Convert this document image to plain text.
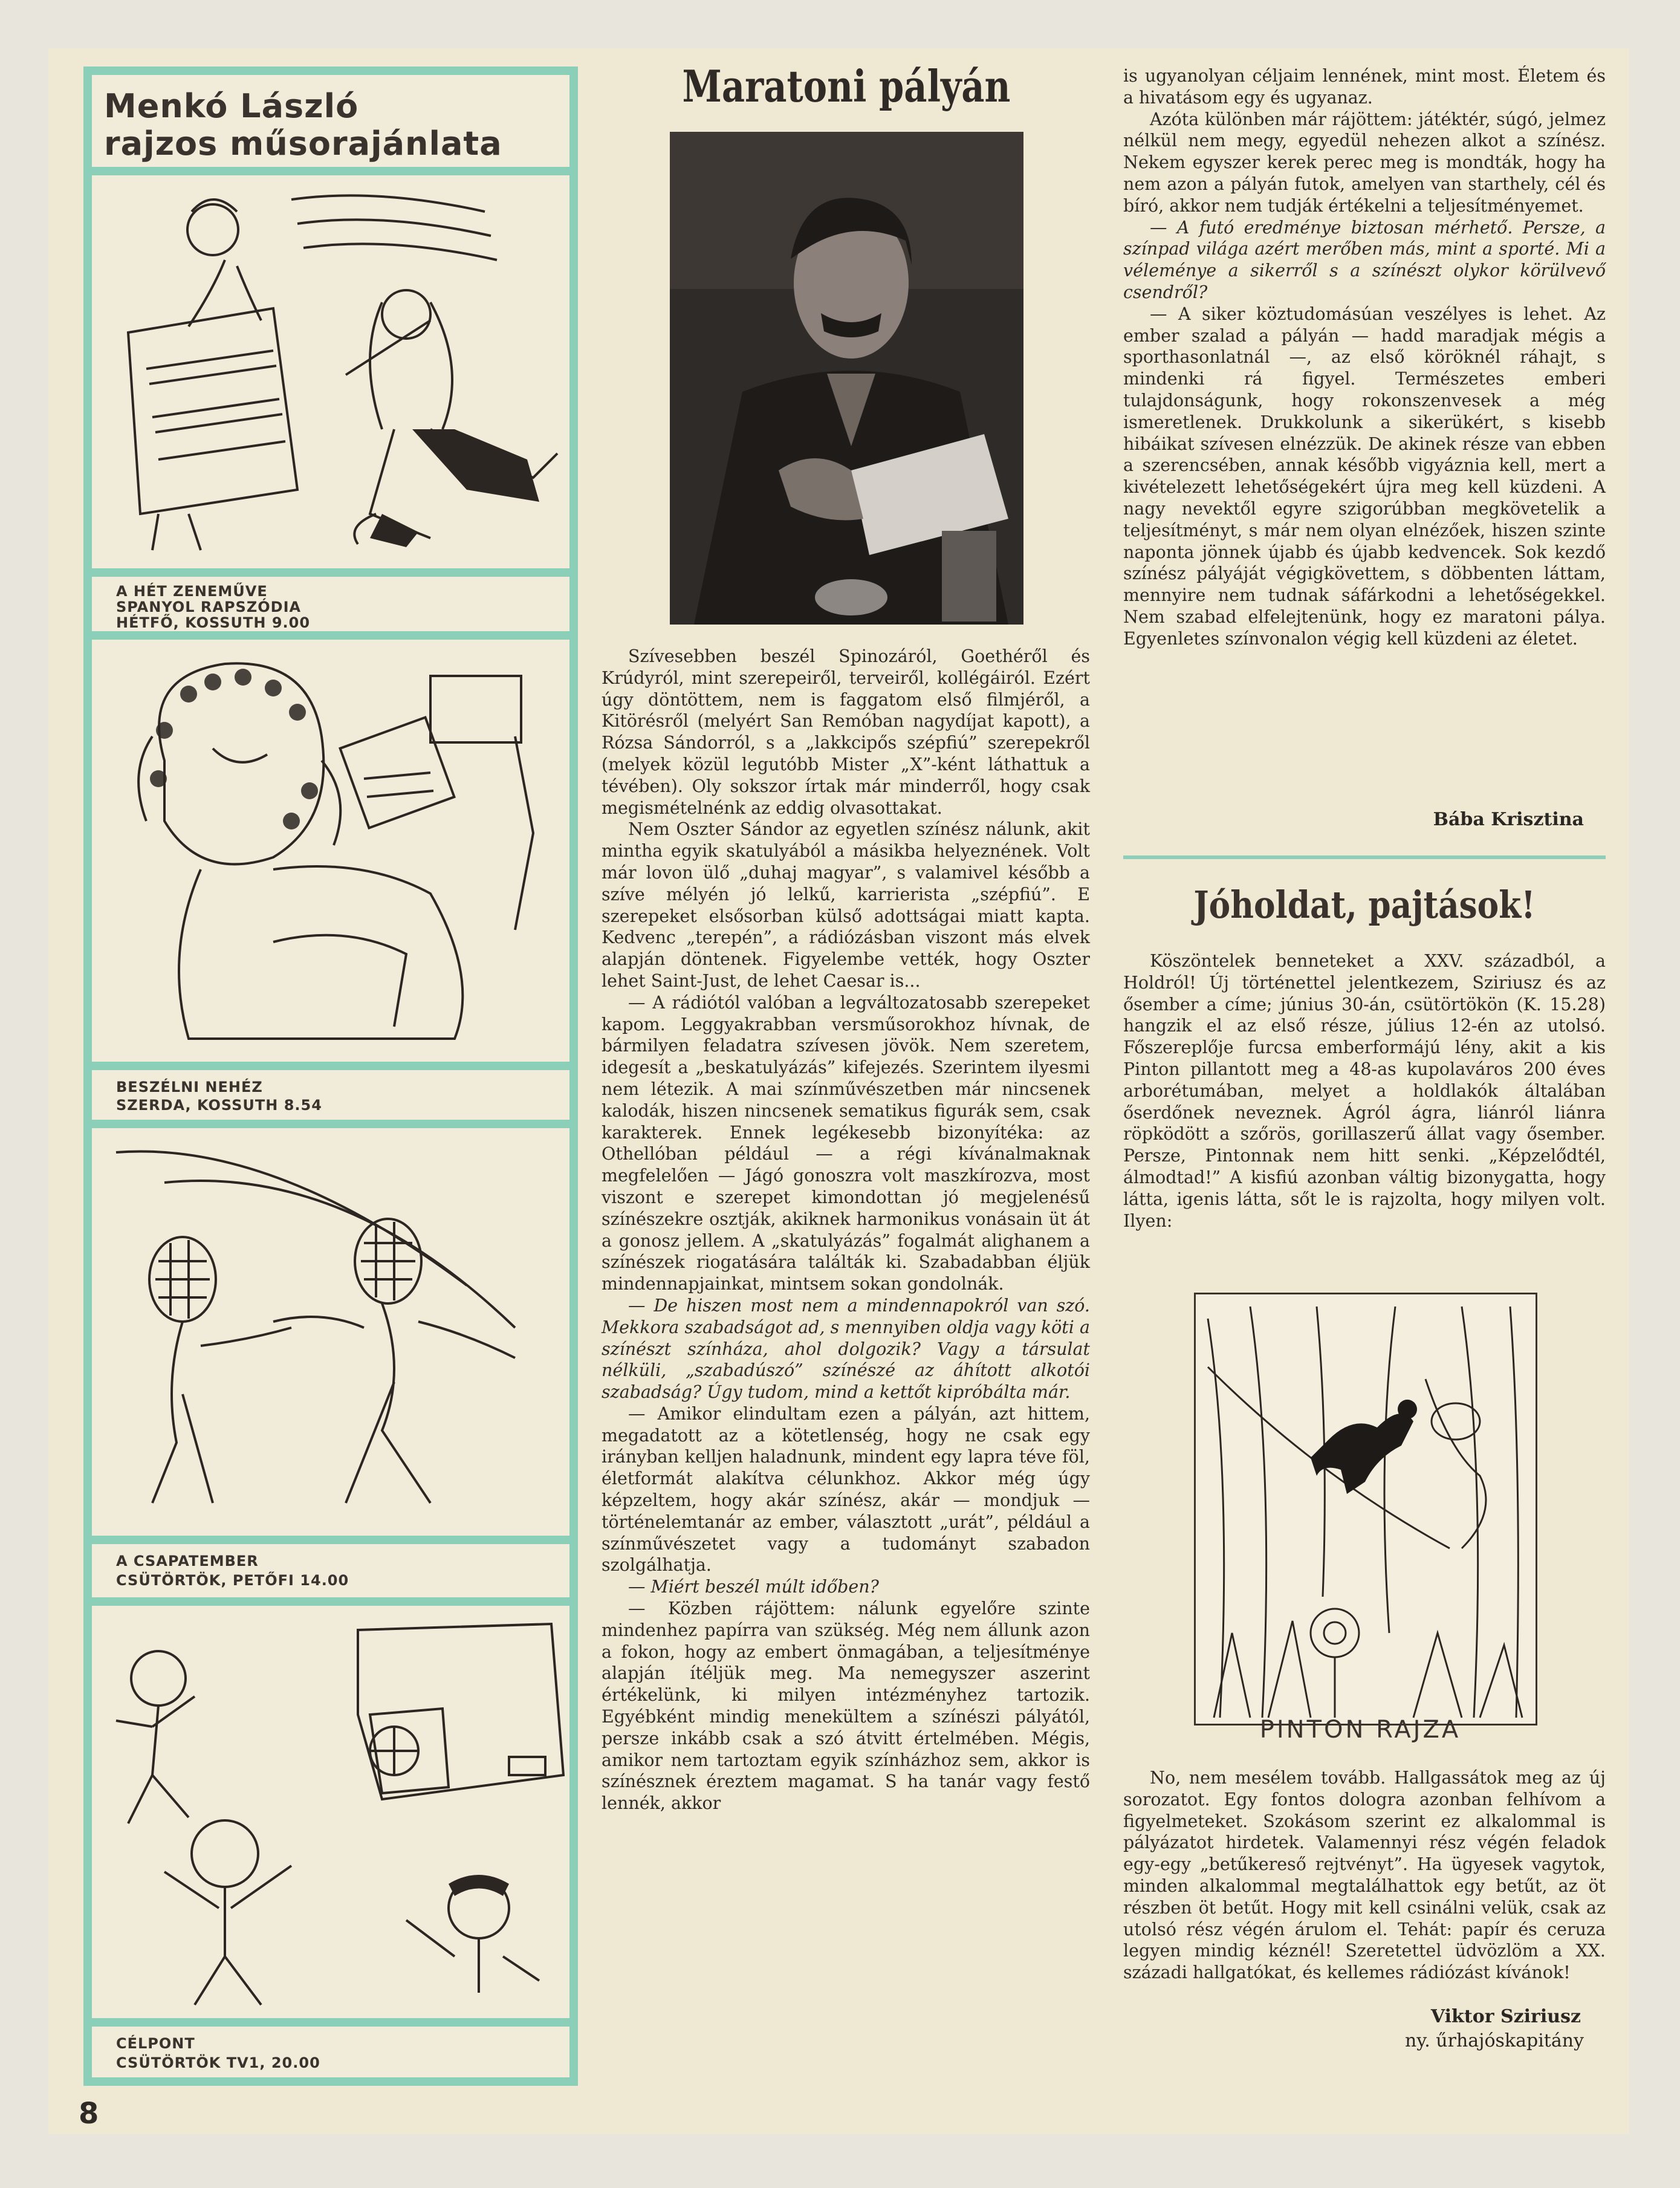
Menkó László
rajzos műsorajánlata
A HÉT ZENEMŰVE
SPANYOL RAPSZÓDIA
HÉTFŐ, KOSSUTH 9.00
BESZÉLNI NEHÉZ
SZERDA, KOSSUTH 8.54
A CSAPATEMBER
CSÜTÖRTÖK, PETŐFI 14.00
CÉLPONT
CSÜTÖRTÖK TV1, 20.00
Maratoni pályán

Szívesebben beszél Spinozáról, Goethéről és Krúdyról, mint szerepeiről, terveiről, kollégáiról. Ezért úgy döntöttem, nem is faggatom első filmjéről, a Kitörésről (melyért San Remóban nagydíjat kapott), a Rózsa Sándorról, s a „lakkcipős szépfiú” szerepekről (melyek közül legutóbb Mister „X”-ként láthattuk a tévében). Oly sokszor írtak már minderről, hogy csak megismételnénk az eddig olvasottakat.

Nem Oszter Sándor az egyetlen színész nálunk, akit mintha egyik skatulyából a másikba helyeznének. Volt már lovon ülő „duhaj magyar”, s valamivel később a szíve mélyén jó lelkű, karrierista „szépfiú”. E szerepeket elsősorban külső adottságai miatt kapta. Kedvenc „terepén”, a rádiózásban viszont más elvek alapján döntenek. Figyelembe vették, hogy Oszter lehet Saint-Just, de lehet Caesar is...

— A rádiótól valóban a legváltozatosabb szerepeket kapom. Leggyakrabban versműsorokhoz hívnak, de bármilyen feladatra szívesen jövök. Nem szeretem, idegesít a „beskatulyázás” kifejezés. Szerintem ilyesmi nem létezik. A mai színművészetben már nincsenek kalodák, hiszen nincsenek sematikus figurák sem, csak karakterek. Ennek legékesebb bizonyítéka: az Othellóban például — a régi kívánalmaknak megfelelően — Jágó gonoszra volt maszkírozva, most viszont e szerepet kimondottan jó megjelenésű színészekre osztják, akiknek harmonikus vonásain üt át a gonosz jellem. A „skatulyázás” fogalmát alighanem a színészek riogatására találták ki. Szabadabban éljük mindennapjainkat, mintsem sokan gondolnák.

— De hiszen most nem a mindennapokról van szó. Mekkora szabadságot ad, s mennyiben oldja vagy köti a színészt színháza, ahol dolgozik? Vagy a társulat nélküli, „szabadúszó” színészé az áhított alkotói szabadság? Úgy tudom, mind a kettőt kipróbálta már.

— Amikor elindultam ezen a pályán, azt hittem, megadatott az a kötetlenség, hogy ne csak egy irányban kelljen haladnunk, mindent egy lapra téve föl, életformát alakítva célunkhoz. Akkor még úgy képzeltem, hogy akár színész, akár — mondjuk — történelemtanár az ember, választott „urát”, például a színművészetet vagy a tudományt szabadon szolgálhatja.

— Miért beszél múlt időben?

— Közben rájöttem: nálunk egyelőre szinte mindenhez papírra van szükség. Még nem állunk azon a fokon, hogy az embert önmagában, a teljesítménye alapján ítéljük meg. Ma nemegyszer aszerint értékelünk, ki milyen intézményhez tartozik. Egyébként mindig menekültem a színészi pályától, persze inkább csak a szó átvitt értelmében. Mégis, amikor nem tartoztam egyik színházhoz sem, akkor is színésznek éreztem magamat. S ha tanár vagy festő lennék, akkor

is ugyanolyan céljaim lennének, mint most. Életem és a hivatásom egy és ugyanaz.

Azóta különben már rájöttem: játéktér, súgó, jelmez nélkül nem megy, egyedül nehezen alkot a színész. Nekem egyszer kerek perec meg is mondták, hogy ha nem azon a pályán futok, amelyen van starthely, cél és bíró, akkor nem tudják értékelni a teljesítményemet.

— A futó eredménye biztosan mérhető. Persze, a színpad világa azért merőben más, mint a sporté. Mi a véleménye a sikerről s a színészt olykor körülvevő csendről?

— A siker köztudomásúan veszélyes is lehet. Az ember szalad a pályán — hadd maradjak mégis a sporthasonlatnál —, az első köröknél ráhajt, s mindenki rá figyel. Természetes emberi tulajdonságunk, hogy rokonszenvesek a még ismeretlenek. Drukkolunk a sikerükért, s kisebb hibáikat szívesen elnézzük. De akinek része van ebben a szerencsében, annak később vigyáznia kell, mert a kivételezett lehetőségekért újra meg kell küzdeni. A nagy nevektől egyre szigorúbban megkövetelik a teljesítményt, s már nem olyan elnézőek, hiszen szinte naponta jönnek újabb és újabb kedvencek. Sok kezdő színész pályáját végigkövettem, s döbbenten láttam, mennyire nem tudnak sáfárkodni a lehetőségekkel. Nem szabad elfelejtenünk, hogy ez maratoni pálya. Egyenletes színvonalon végig kell küzdeni az életet.

Bába Krisztina
Jóholdat, pajtások!

Köszöntelek benneteket a XXV. századból, a Holdról! Új történettel jelentkezem, Sziriusz és az ősember a címe; június 30-án, csütörtökön (K. 15.28) hangzik el az első része, július 12-én az utolsó. Főszereplője furcsa emberformájú lény, akit a kis Pinton pillantott meg a 48-as kupolaváros 200 éves arborétumában, melyet a holdlakók általában őserdőnek neveznek. Ágról ágra, liánról liánra röpködött a szőrös, gorillaszerű állat vagy ősember. Persze, Pintonnak nem hitt senki. „Képzelődtél, álmodtad!” A kisfiú azonban váltig bizonygatta, hogy látta, igenis látta, sőt le is rajzolta, hogy milyen volt. Ilyen:

PINTON RAJZA

No, nem mesélem tovább. Hallgassátok meg az új sorozatot. Egy fontos dologra azonban felhívom a figyelmeteket. Szokásom szerint ez alkalommal is pályázatot hirdetek. Valamennyi rész végén feladok egy-egy „betűkereső rejtvényt”. Ha ügyesek vagytok, minden alkalommal megtalálhattok egy betűt, az öt részben öt betűt. Hogy mit kell csinálni velük, csak az utolsó rész végén árulom el. Tehát: papír és ceruza legyen mindig kéznél! Szeretettel üdvözlöm a XX. századi hallgatókat, és kellemes rádiózást kívánok!

Viktor Sziriusz
ny. űrhajóskapitány
8
